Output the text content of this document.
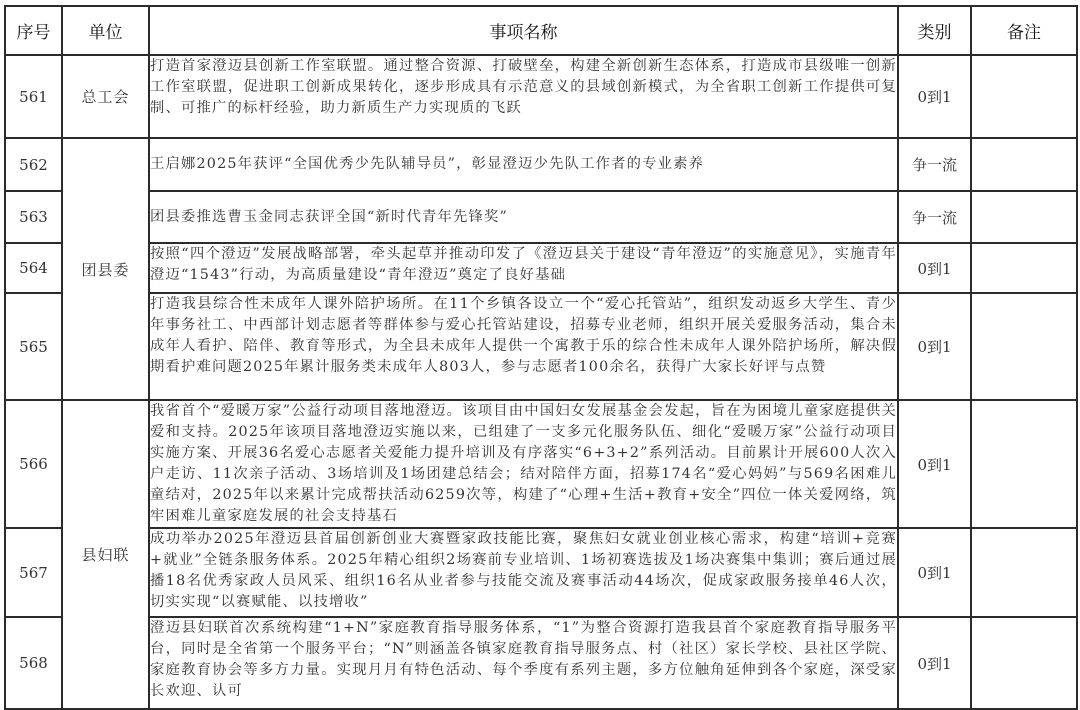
序号	单位	事项名称	类别	备注
561	总工会	打造首家澄迈县创新工作室联盟。通过整合资源、打破壁垒，构建全新创新生态体系，打造成市县级唯一创新工作室联盟，促进职工创新成果转化，逐步形成具有示范意义的县域创新模式，为全省职工创新工作提供可复制、可推广的标杆经验，助力新质生产力实现质的飞跃	0到1	
562	团县委	王启娜2025年获评“全国优秀少先队辅导员”，彰显澄迈少先队工作者的专业素养	争一流	
563		团县委推选曹玉金同志获评全国“新时代青年先锋奖”	争一流	
564		按照“四个澄迈”发展战略部署，牵头起草并推动印发了《澄迈县关于建设“青年澄迈”的实施意见》，实施青年澄迈“1543”行动，为高质量建设“青年澄迈”奠定了良好基础	0到1	
565		打造我县综合性未成年人课外陪护场所。在11个乡镇各设立一个“爱心托管站”，组织发动返乡大学生、青少年事务社工、中西部计划志愿者等群体参与爱心托管站建设，招募专业老师，组织开展关爱服务活动，集合未成年人看护、陪伴、教育等形式，为全县未成年人提供一个寓教于乐的综合性未成年人课外陪护场所，解决假期看护难问题2025年累计服务类未成年人803人，参与志愿者100余名，获得广大家长好评与点赞	0到1	
566	县妇联	我省首个“爱暖万家”公益行动项目落地澄迈。该项目由中国妇女发展基金会发起，旨在为困境儿童家庭提供关爱和支持。2025年该项目落地澄迈实施以来，已组建了一支多元化服务队伍、细化“爱暖万家”公益行动项目实施方案、开展36名爱心志愿者关爱能力提升培训及有序落实“6+3+2”系列活动。目前累计开展600人次入户走访、11次亲子活动、3场培训及1场团建总结会；结对陪伴方面，招募174名“爱心妈妈”与569名困难儿童结对，2025年以来累计完成帮扶活动6259次等，构建了“心理+生活+教育+安全”四位一体关爱网络，筑牢困难儿童家庭发展的社会支持基石	0到1	
567		成功举办2025年澄迈县首届创新创业大赛暨家政技能比赛，聚焦妇女就业创业核心需求，构建“培训+竞赛+就业”全链条服务体系。2025年精心组织2场赛前专业培训、1场初赛选拔及1场决赛集中集训；赛后通过展播18名优秀家政人员风采、组织16名从业者参与技能交流及赛事活动44场次，促成家政服务接单46人次，切实实现“以赛赋能、以技增收”	0到1	
568		澄迈县妇联首次系统构建“1+N”家庭教育指导服务体系，“1”为整合资源打造我县首个家庭教育指导服务平台，同时是全省第一个服务平台；“N”则涵盖各镇家庭教育指导服务点、村（社区）家长学校、县社区学院、家庭教育协会等多方力量。实现月月有特色活动、每个季度有系列主题，多方位触角延伸到各个家庭，深受家长欢迎、认可	0到1	
